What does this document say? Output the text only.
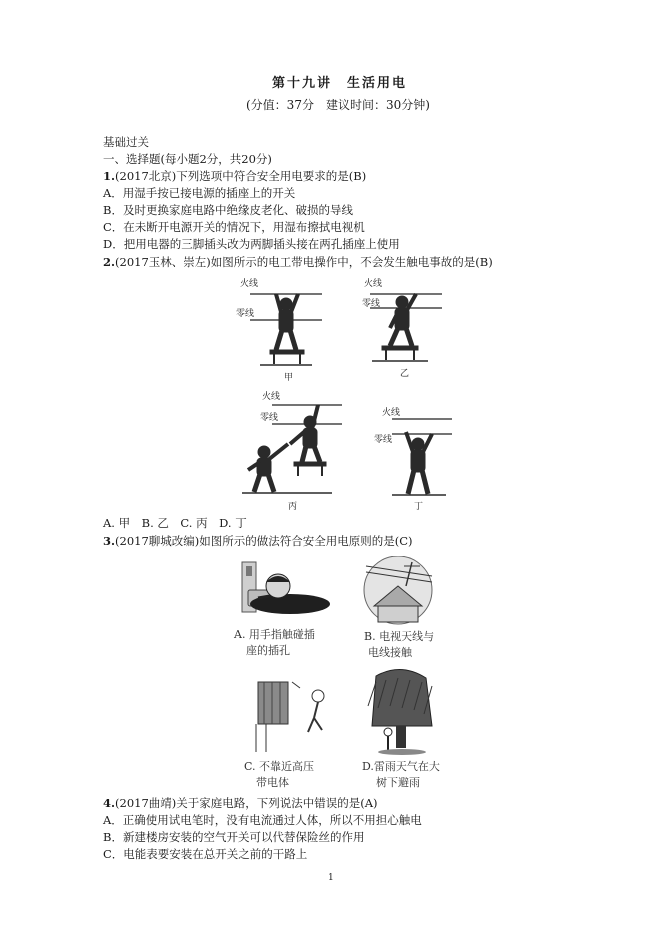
第十九讲　生活用电
(分值：37分　建议时间：30分钟)
基础过关
一、选择题(每小题2分，共20分)
1.(2017北京)下列选项中符合安全用电要求的是(B)
A．用湿手按已接电源的插座上的开关
B．及时更换家庭电路中绝缘皮老化、破损的导线
C．在未断开电源开关的情况下，用湿布擦拭电视机
D．把用电器的三脚插头改为两脚插头接在两孔插座上使用
2.(2017玉林、崇左)如图所示的电工带电操作中，不会发生触电事故的是(B)
火线
零线
火线
零线
火线
零线	火线
零线
甲	乙
丙	丁
A. 甲　B. 乙　C. 丙　D. 丁
3.(2017聊城改编)如图所示的做法符合安全用电原则的是(C)
A. 用手指触碰插
座的插孔
B. 电视天线与
电线接触
C. 不靠近高压
带电体
D.雷雨天气在大
树下避雨
4.(2017曲靖)关于家庭电路，下列说法中错误的是(A)
A．正确使用试电笔时，没有电流通过人体，所以不用担心触电
B．新建楼房安装的空气开关可以代替保险丝的作用
C．电能表要安装在总开关之前的干路上
1
